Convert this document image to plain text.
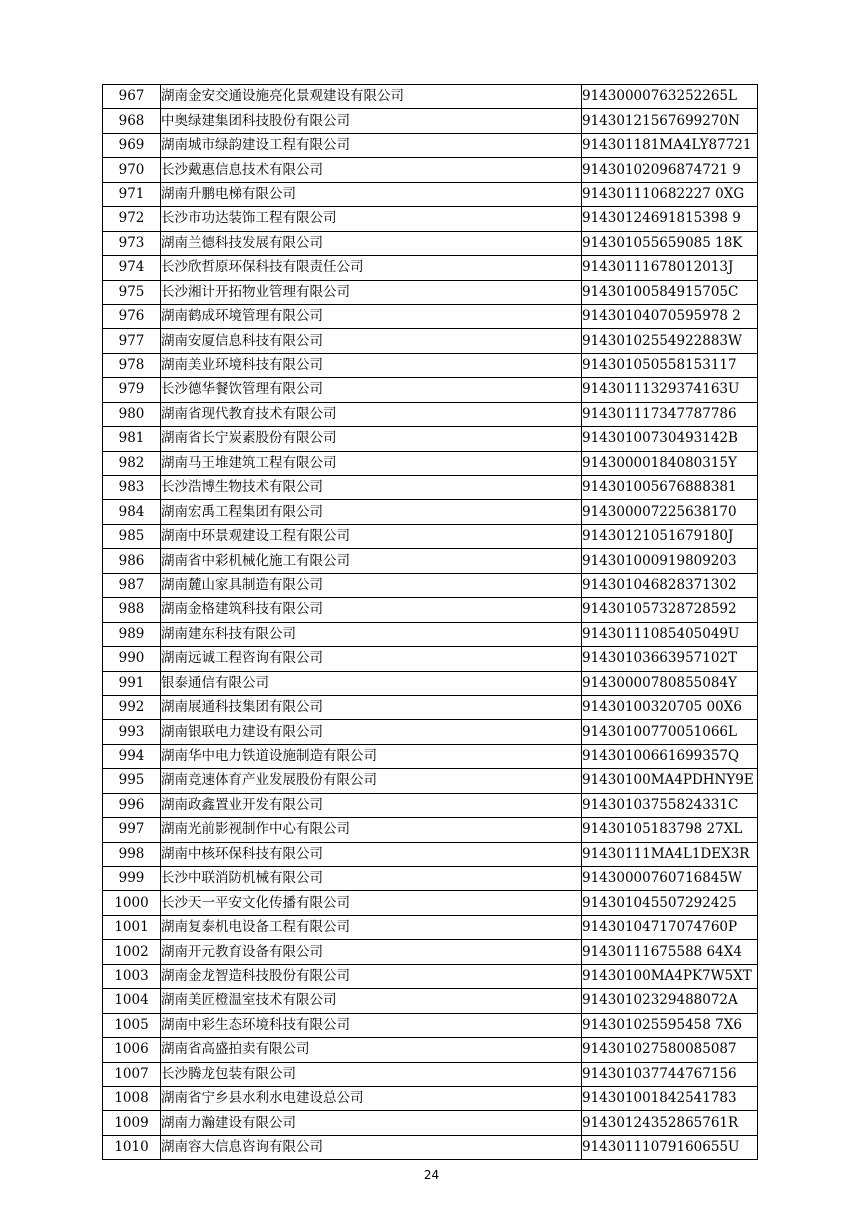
967	湖南金安交通设施亮化景观建设有限公司	91430000763252265L
968	中奥绿建集团科技股份有限公司	91430121567699270N
969	湖南城市绿韵建设工程有限公司	914301181MA4LY87721
970	长沙戴惠信息技术有限公司	91430102096874721 9
971	湖南升鹏电梯有限公司	914301110682227 0XG
972	长沙市功达装饰工程有限公司	91430124691815398 9
973	湖南兰德科技发展有限公司	914301055659085 18K
974	长沙欣哲原环保科技有限责任公司	91430111678012013J
975	长沙湘计开拓物业管理有限公司	91430100584915705C
976	湖南鹤成环境管理有限公司	91430104070595978 2
977	湖南安厦信息科技有限公司	91430102554922883W
978	湖南美业环境科技有限公司	914301050558153117
979	长沙德华餐饮管理有限公司	91430111329374163U
980	湖南省现代教育技术有限公司	914301117347787786
981	湖南省长宁炭素股份有限公司	91430100730493142B
982	湖南马王堆建筑工程有限公司	91430000184080315Y
983	长沙浩博生物技术有限公司	914301005676888381
984	湖南宏禹工程集团有限公司	914300007225638170
985	湖南中环景观建设工程有限公司	91430121051679180J
986	湖南省中彩机械化施工有限公司	914301000919809203
987	湖南麓山家具制造有限公司	914301046828371302
988	湖南金格建筑科技有限公司	914301057328728592
989	湖南建东科技有限公司	91430111085405049U
990	湖南远诚工程咨询有限公司	91430103663957102T
991	银泰通信有限公司	91430000780855084Y
992	湖南展通科技集团有限公司	91430100320705 00X6
993	湖南银联电力建设有限公司	91430100770051066L
994	湖南华中电力铁道设施制造有限公司	91430100661699357Q
995	湖南竞速体育产业发展股份有限公司	91430100MA4PDHNY9E
996	湖南政鑫置业开发有限公司	91430103755824331C
997	湖南光前影视制作中心有限公司	91430105183798 27XL
998	湖南中核环保科技有限公司	91430111MA4L1DEX3R
999	长沙中联消防机械有限公司	91430000760716845W
1000	长沙天一平安文化传播有限公司	914301045507292425
1001	湖南复泰机电设备工程有限公司	91430104717074760P
1002	湖南开元教育设备有限公司	91430111675588 64X4
1003	湖南金龙智造科技股份有限公司	91430100MA4PK7W5XT
1004	湖南美匠橙温室技术有限公司	91430102329488072A
1005	湖南中彩生态环境科技有限公司	914301025595458 7X6
1006	湖南省高盛拍卖有限公司	914301027580085087
1007	长沙腾龙包装有限公司	914301037744767156
1008	湖南省宁乡县水利水电建设总公司	914301001842541783
1009	湖南力瀚建设有限公司	91430124352865761R
1010	湖南容大信息咨询有限公司	91430111079160655U
24
